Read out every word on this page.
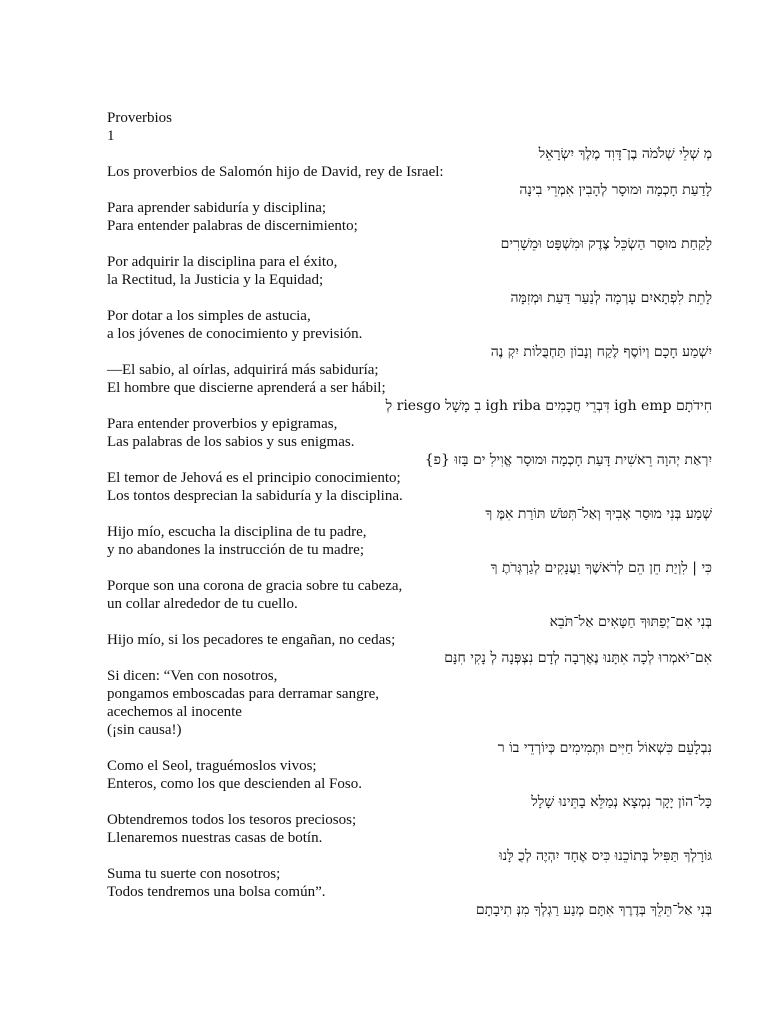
Proverbios
1
מְ שְׁלֵי שְׁלֹמֹה בֶן־דָּוִד מֶלֶךְ יִשְׂרָאֵל
Los proverbios de Salomón hijo de David, rey de Israel:
לָדַעַת חָכְמָה וּמוּסָר לְהָבִין אִמְרֵי בִינָה
Para aprender sabiduría y disciplina;
Para entender palabras de discernimiento;
לָקַחַת מוּסַר הַשְׂכֵּל צֶדֶק וּמִשְׁפָּט וּמֵשָׁרִים
Por adquirir la disciplina para el éxito,
la Rectitud, la Justicia y la Equidad;
לָתֵת לִפְתָאיִם עָרְמָה לְנַעַר דַּעַת וּמְזִמָּה
Por dotar a los simples de astucia,
a los jóvenes de conocimiento y previsión.
יִשְׁמַע חָכָם וְיוֹסֶף לֶקַח וְנָבוֹן תַּחְבֻּלוֹת יִקְ נֶה
—El sabio, al oírlas, adquirirá más sabiduría;
El hombre que discierne aprenderá a ser hábil;
חִידֹתָם igh emp דִּבְרֵי חֲכָמִים igh riba בִ מָשָׁל riesgo לְ
Para entender proverbios y epigramas,
Las palabras de los sabios y sus enigmas.
יִרְאַת יְהוָה רֵאשִׁית דָּעַת חָכְמָה וּמוּסָר אֱוִילִ ים בָּזוּ {פ}
El temor de Jehová es el principio conocimiento;
Los tontos desprecian la sabiduría y la disciplina.
שְׁמַע בְּנִי מוּסַר אָבִיךָ וְאַל־תִּטֹּשׁ תּוֹרַת אִמֶּ ךָ
Hijo mío, escucha la disciplina de tu padre,
y no abandones la instrucción de tu madre;
כִּי | לִוְיַת חֵן הֵם לְרֹאשֶׁךָ וַעֲנָקִים לְגַרְגְּרֹתֶ ךָ
Porque son una corona de gracia sobre tu cabeza,
un collar alrededor de tu cuello.
בְּנִי אִם־יְפַתּוּךָ חַטָּאִים אַל־תֹּבֵא
Hijo mío, si los pecadores te engañan, no cedas;
אִם־יֹאמְרוּ לְכָה אִתָּנוּ נֶאֶרְבָה לְדָם נִצְפְּנָה לְ נָקִי חִנָּם
Si dicen: “Ven con nosotros,
pongamos emboscadas para derramar sangre,
acechemos al inocente
(¡sin causa!)
נִבְלָעֵם כִּשְׁאוֹל חַיִּים וּתְמִימִים כְּיוֹרְדֵי בוֹ ר
Como el Seol, traguémoslos vivos;
Enteros, como los que descienden al Foso.
כָּל־הוֹן יָקָר נִמְצָא נְמַלֵּא בָתֵּינוּ שָׁלָל
Obtendremos todos los tesoros preciosos;
Llenaremos nuestras casas de botín.
גּוֹרָלְךָ תַּפִּיל בְּתוֹכֵנוּ כִּיס אֶחָד יִהְיֶה לְכֻ לָּנוּ
Suma tu suerte con nosotros;
Todos tendremos una bolsa común”.
בְּנִי אַל־תֵּלֵךְ בְּדֶרֶךְ אִתָּם מְנַע רַגְלְךָ מִנְּ תִיבָתָם
